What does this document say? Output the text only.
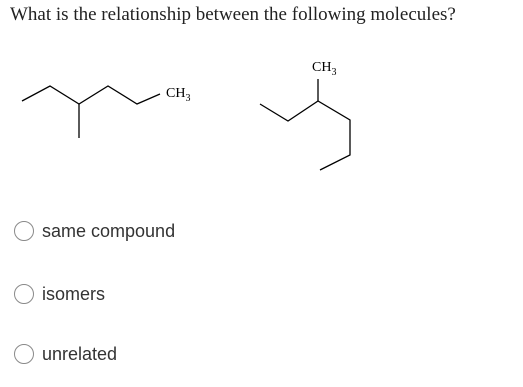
What is the relationship between the following molecules?
$CH_3$
$CH_3$
same compound
isomers
unrelated
